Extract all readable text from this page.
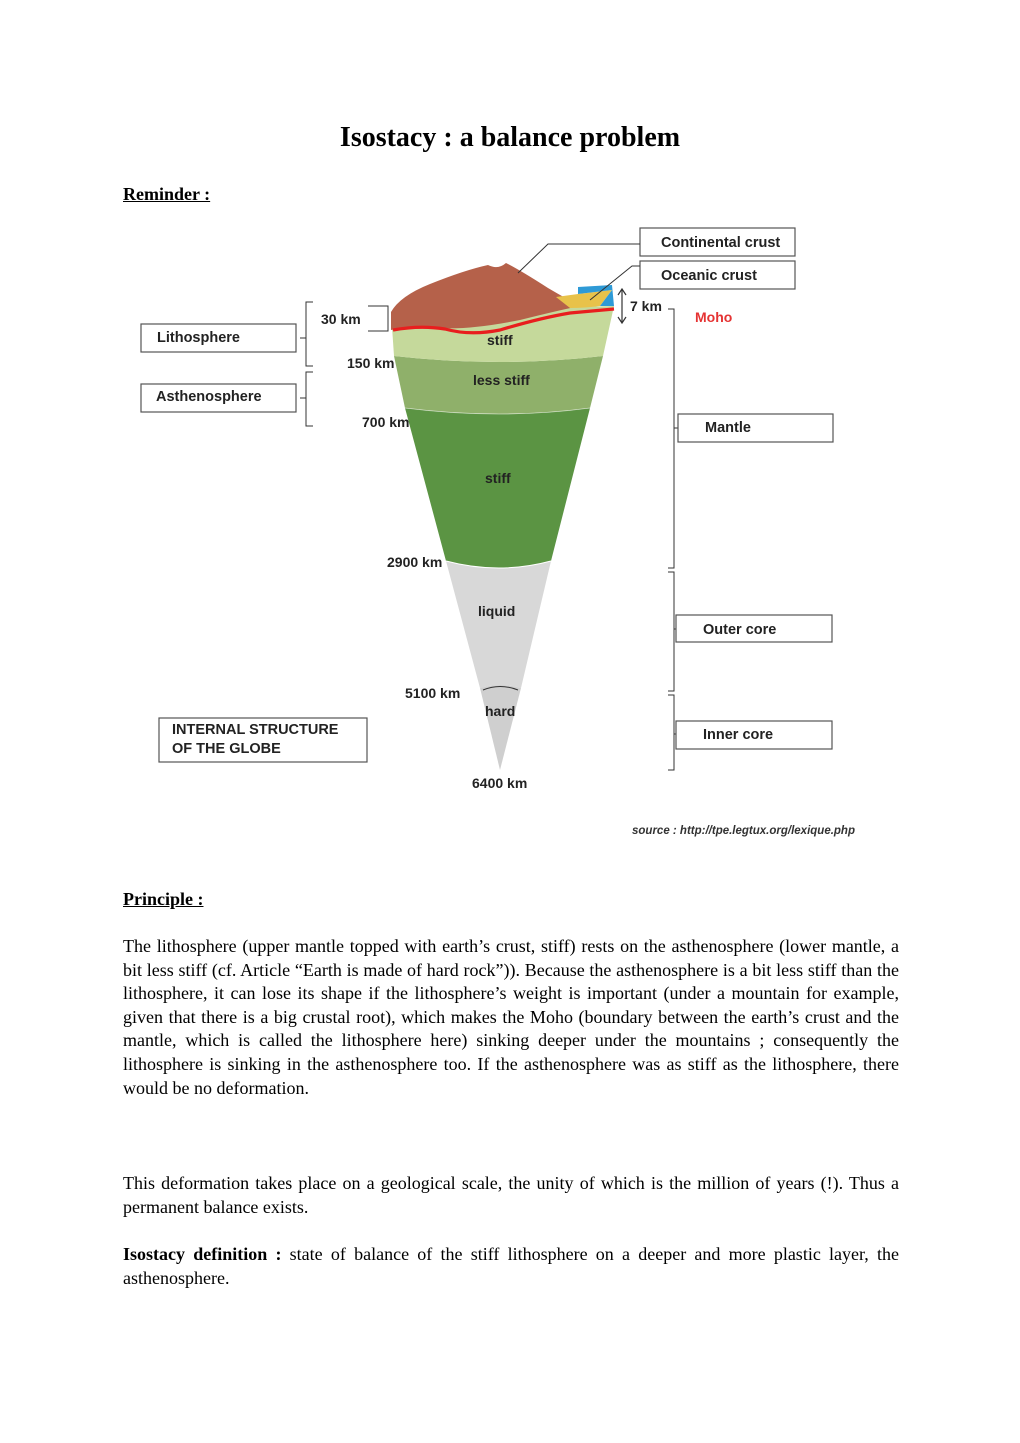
Isostacy : a balance problem

Reminder :

Continental crust
Oceanic crust
7 km
Moho
Mantle
Outer core
Inner core
Lithosphere
Asthenosphere
30 km
150 km
700 km
2900 km
5100 km
6400 km
stiff
less stiff
stiff
liquid
hard
INTERNAL STRUCTURE
OF THE GLOBE
source : http://tpe.legtux.org/lexique.php

Principle :

The lithosphere (upper mantle topped with earth’s crust, stiff) rests on the asthenosphere (lower mantle, a bit less stiff (cf. Article “Earth is made of hard rock”)). Because the asthenosphere is a bit less stiff than the lithosphere, it can lose its shape if the lithosphere’s weight is important (under a mountain for example, given that there is a big crustal root), which makes the Moho (boundary between the earth’s crust and the mantle, which is called the lithosphere here) sinking deeper under the mountains ; consequently the lithosphere is sinking in the asthenosphere too. If the asthenosphere was as stiff as the lithosphere, there would be no deformation.

This deformation takes place on a geological scale, the unity of which is the million of years (!). Thus a permanent balance exists.

Isostacy definition : state of balance of the stiff lithosphere on a deeper and more plastic layer, the asthenosphere.
